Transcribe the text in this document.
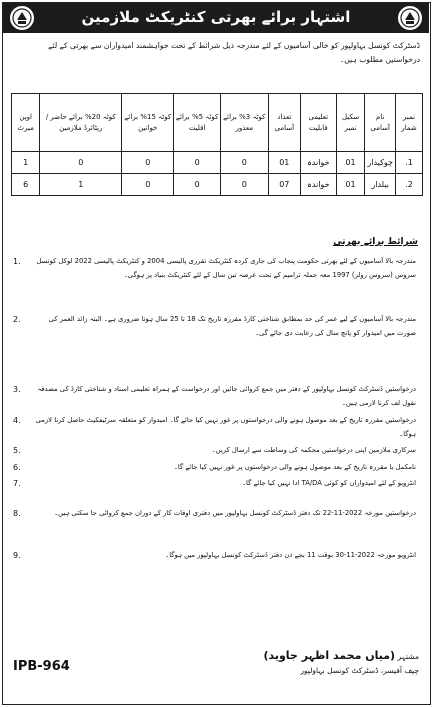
اشتہار برائے بھرتی کنٹریکٹ ملازمین
ڈسٹرکٹ کونسل بہاولپور کو خالی آسامیوں کے لئے مندرجہ ذیل شرائط کے تحت خواہشمند امیدواران سے بھرتی کے لئے
درخواستیں مطلوب ہیں۔
نمبر شمار	نام آسامی	سکیل نمبر	تعلیمی قابلیت	تعداد آسامی	کوٹہ 3% برائے معذور	کوٹہ 5% برائے اقلیت	کوٹہ 15% برائے خواتین	کوٹہ 20% برائے حاضر / ریٹائرڈ ملازمین	اوپن میرٹ
1.	چوکیدار	01	خواندہ	01	0	0	0	0	1
2.	بیلدار	01	خواندہ	07	0	0	0	1	6
شرائط برائے بھرتی
1. مندرجہ بالا آسامیوں کے لئے بھرتی حکومت پنجاب کی جاری کردہ کنٹریکٹ تقرری پالیسی 2004 و کنٹریکٹ پالیسی 2022 لوکل کونسل سروس (سروس رولز) 1997 معہ جملہ ترامیم کے تحت عرصہ تین سال کے لئے کنٹریکٹ بنیاد پر ہوگی۔
2.	مندرجہ بالا آسامیوں کے لیے عمر کی حد بمطابق شناختی کارڈ مقررہ تاریخ تک 18 تا 25 سال ہونا ضروری ہے۔ البتہ زائد العمر کی صورت میں امیدوار کو پانچ سال کی رعایت دی جائے گی۔
3. درخواستیں ڈسٹرکٹ کونسل بہاولپور کے دفتر میں جمع کروائی جائیں اور درخواست کے ہمراہ تعلیمی اسناد و شناختی کارڈ کی مصدقہ نقول لف کرنا لازمی ہیں۔
4. درخواستیں مقررہ تاریخ کے بعد موصول ہونے والی درخواستوں پر غور نہیں کیا جائے گا۔ امیدوار کو متعلقہ سرٹیفکیٹ حاصل کرنا لازمی ہوگا۔
5.	سرکاری ملازمین اپنی درخواستیں محکمہ کی وساطت سے ارسال کریں۔
6.	نامکمل یا مقررہ تاریخ کے بعد موصول ہونے والی درخواستوں پر غور نہیں کیا جائے گا۔
7.	انٹرویو کے لئے امیدواران کو کوئی TA/DA ادا نہیں کیا جائے گا۔
8.	درخواستیں مورخہ 2022-11-22 تک دفتر ڈسٹرکٹ کونسل بہاولپور میں دفتری اوقات کار کے دوران جمع کروائی جا سکتی ہیں۔
9.	انٹرویو مورخہ 2022-11-30 بوقت 11 بجے دن دفتر ڈسٹرکٹ کونسل بہاولپور میں ہوگا۔
IPB-964
مشتہر (میاں محمد اظہر جاوید)
چیف آفیسر، ڈسٹرکٹ کونسل بہاولپور
